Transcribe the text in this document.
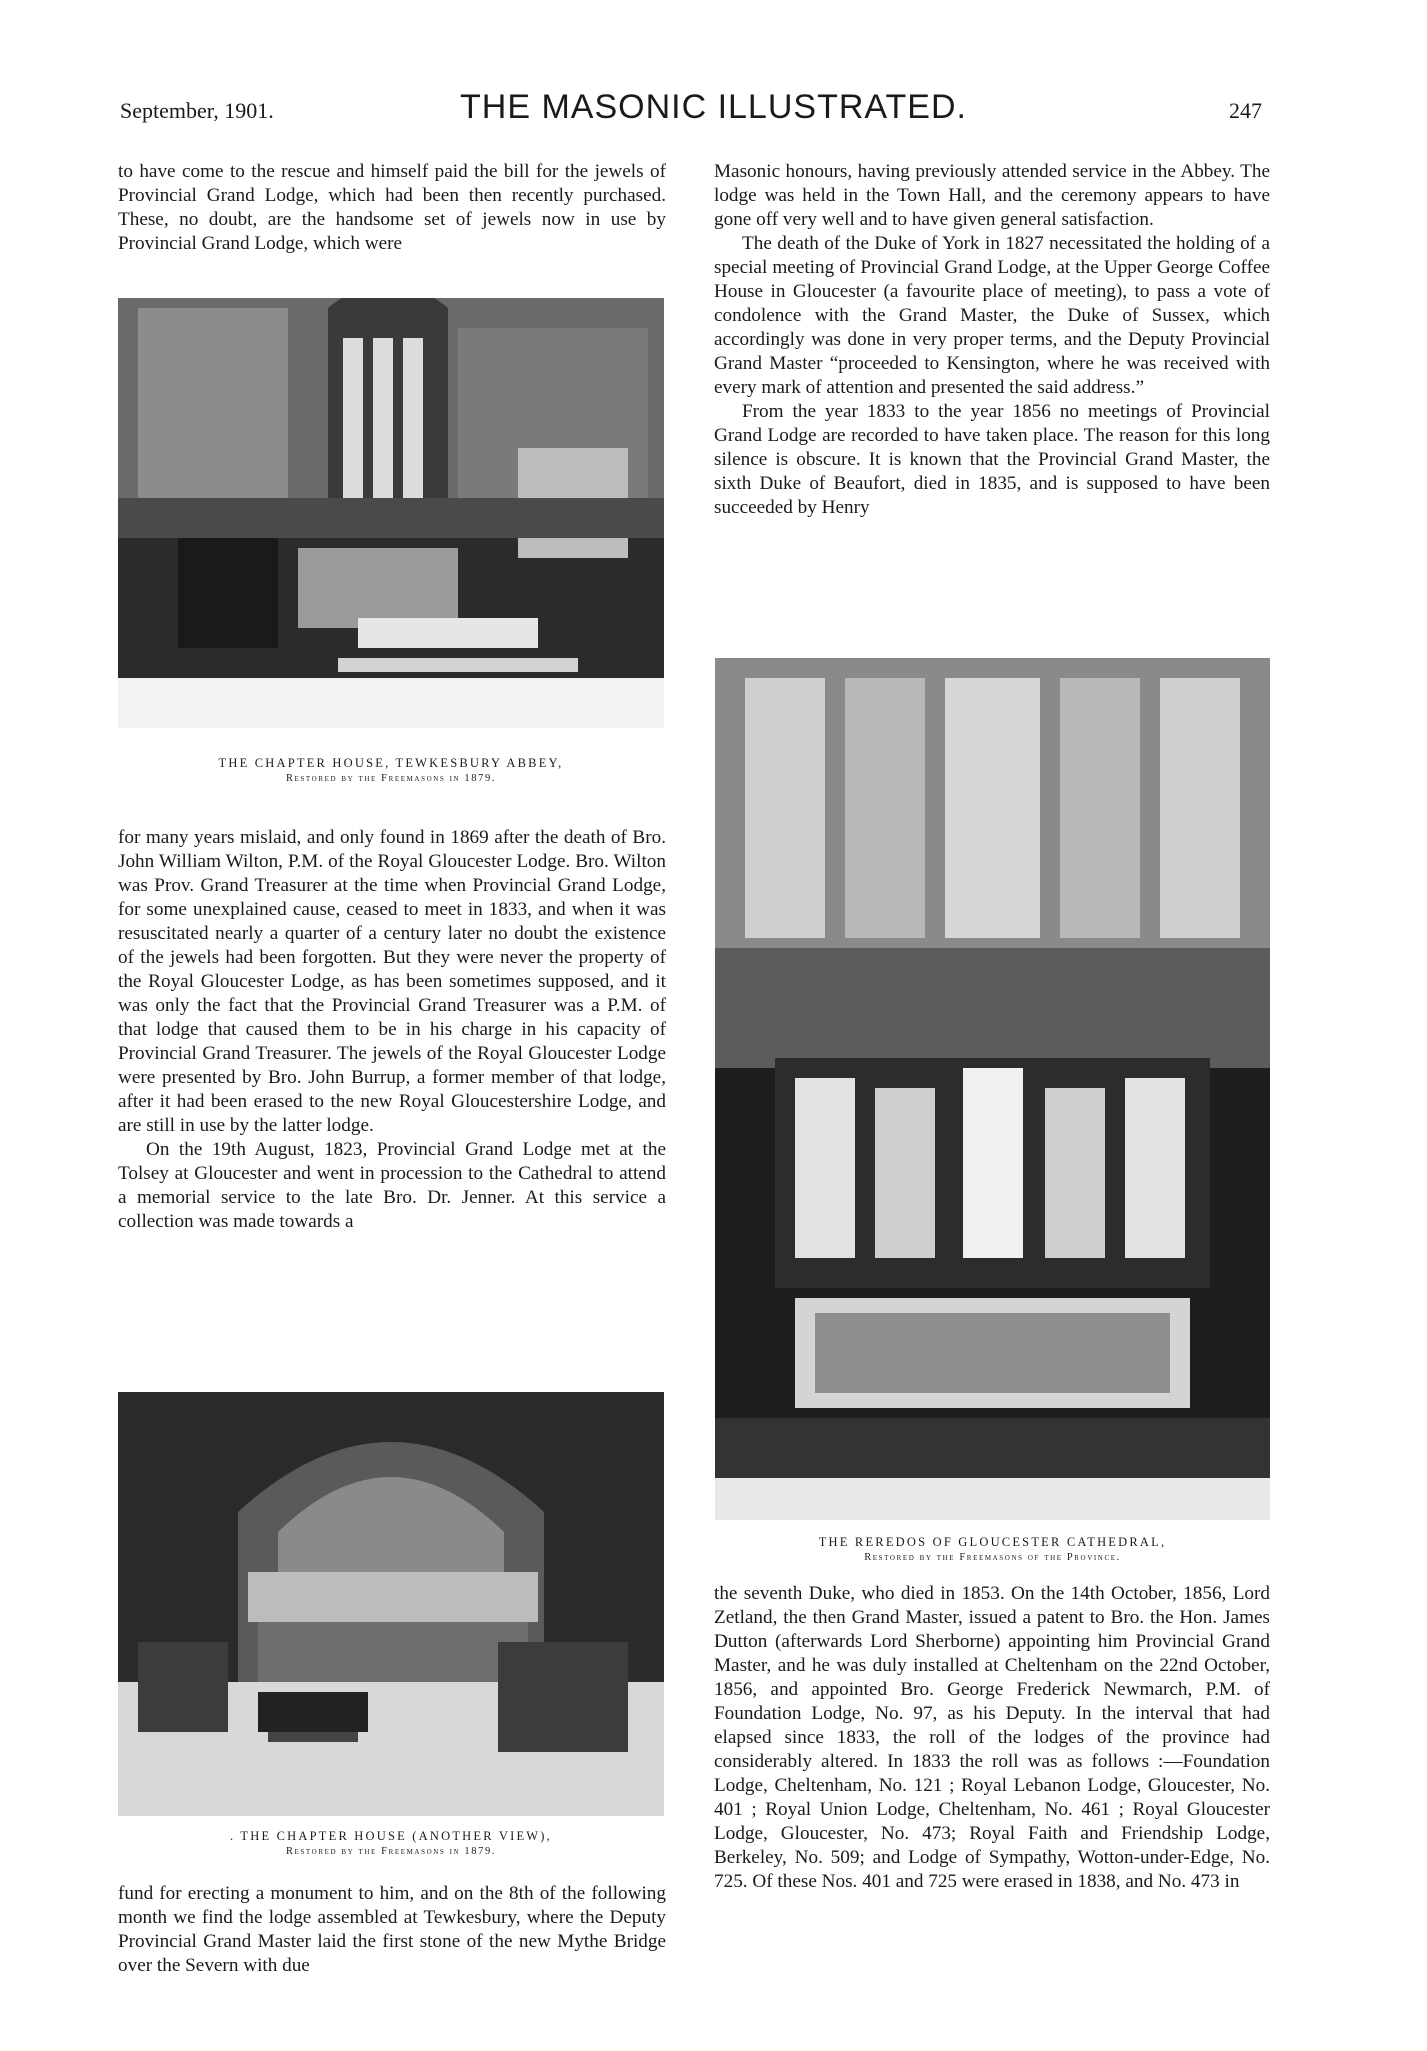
September, 1901.	THE MASONIC ILLUSTRATED.	247

to have come to the rescue and himself paid the bill for the jewels of Provincial Grand Lodge, which had been then recently purchased. These, no doubt, are the handsome set of jewels now in use by Provincial Grand Lodge, which were

THE CHAPTER HOUSE, TEWKESBURY ABBEY,
Restored by the Freemasons in 1879.

for many years mislaid, and only found in 1869 after the death of Bro. John William Wilton, P.M. of the Royal Gloucester Lodge. Bro. Wilton was Prov. Grand Treasurer at the time when Provincial Grand Lodge, for some unexplained cause, ceased to meet in 1833, and when it was resuscitated nearly a quarter of a century later no doubt the existence of the jewels had been forgotten. But they were never the property of the Royal Gloucester Lodge, as has been sometimes supposed, and it was only the fact that the Provincial Grand Treasurer was a P.M. of that lodge that caused them to be in his charge in his capacity of Provincial Grand Treasurer. The jewels of the Royal Gloucester Lodge were presented by Bro. John Burrup, a former member of that lodge, after it had been erased to the new Royal Gloucestershire Lodge, and are still in use by the latter lodge.

On the 19th August, 1823, Provincial Grand Lodge met at the Tolsey at Gloucester and went in procession to the Cathedral to attend a memorial service to the late Bro. Dr. Jenner. At this service a collection was made towards a

. THE CHAPTER HOUSE (ANOTHER VIEW),
Restored by the Freemasons in 1879.

fund for erecting a monument to him, and on the 8th of the following month we find the lodge assembled at Tewkesbury, where the Deputy Provincial Grand Master laid the first stone of the new Mythe Bridge over the Severn with due

Masonic honours, having previously attended service in the Abbey. The lodge was held in the Town Hall, and the ceremony appears to have gone off very well and to have given general satisfaction.

The death of the Duke of York in 1827 necessitated the holding of a special meeting of Provincial Grand Lodge, at the Upper George Coffee House in Gloucester (a favourite place of meeting), to pass a vote of condolence with the Grand Master, the Duke of Sussex, which accordingly was done in very proper terms, and the Deputy Provincial Grand Master “proceeded to Kensington, where he was received with every mark of attention and presented the said address.”

From the year 1833 to the year 1856 no meetings of Provincial Grand Lodge are recorded to have taken place. The reason for this long silence is obscure. It is known that the Provincial Grand Master, the sixth Duke of Beaufort, died in 1835, and is supposed to have been succeeded by Henry

THE REREDOS OF GLOUCESTER CATHEDRAL,
Restored by the Freemasons of the Province.

the seventh Duke, who died in 1853. On the 14th October, 1856, Lord Zetland, the then Grand Master, issued a patent to Bro. the Hon. James Dutton (afterwards Lord Sherborne) appointing him Provincial Grand Master, and he was duly installed at Cheltenham on the 22nd October, 1856, and appointed Bro. George Frederick Newmarch, P.M. of Foundation Lodge, No. 97, as his Deputy. In the interval that had elapsed since 1833, the roll of the lodges of the province had considerably altered. In 1833 the roll was as follows :—Foundation Lodge, Cheltenham, No. 121 ; Royal Lebanon Lodge, Gloucester, No. 401 ; Royal Union Lodge, Cheltenham, No. 461 ; Royal Gloucester Lodge, Gloucester, No. 473; Royal Faith and Friendship Lodge, Berkeley, No. 509; and Lodge of Sympathy, Wotton-under-Edge, No. 725. Of these Nos. 401 and 725 were erased in 1838, and No. 473 in
